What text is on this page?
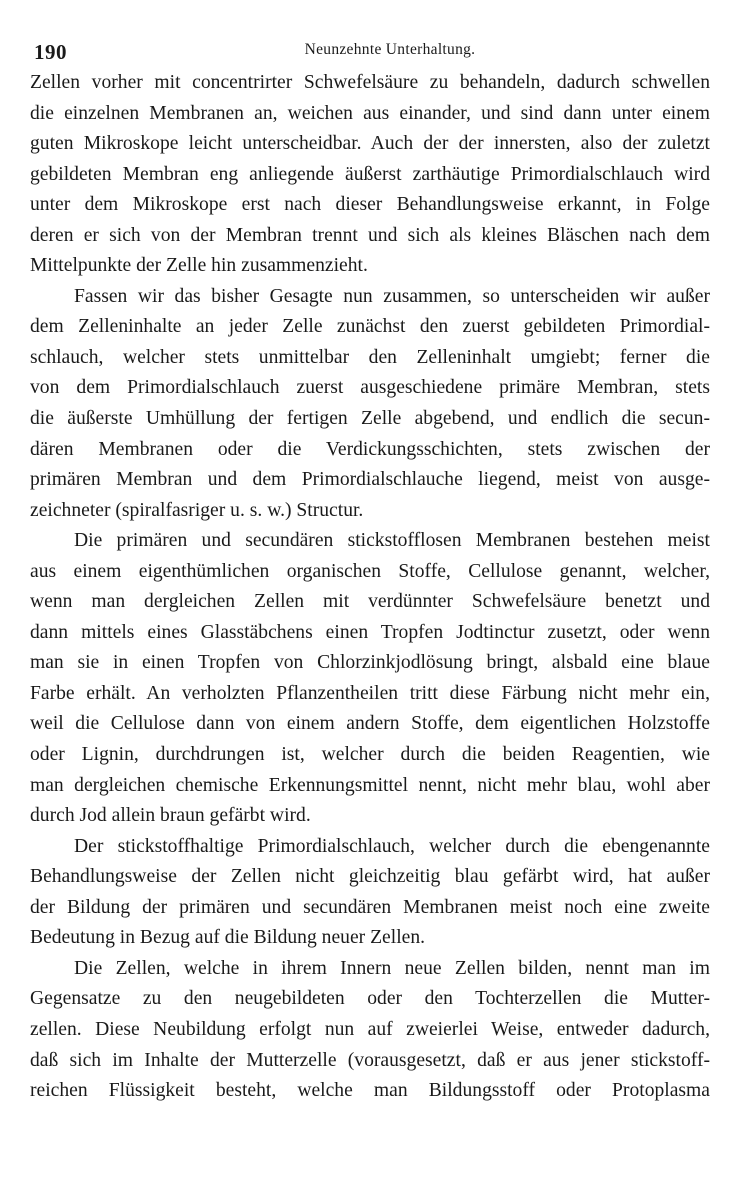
190	Neunzehnte Unterhaltung.
Zellen vorher mit concentrirter Schwefelsäure zu behandeln, dadurch schwellen
die einzelnen Membranen an, weichen aus einander, und sind dann unter einem
guten Mikroskope leicht unterscheidbar. Auch der der innersten, also der zuletzt
gebildeten Membran eng anliegende äußerst zarthäutige Primordialschlauch wird
unter dem Mikroskope erst nach dieser Behandlungsweise erkannt, in Folge
deren er sich von der Membran trennt und sich als kleines Bläschen nach dem
Mittelpunkte der Zelle hin zusammenzieht.
Fassen wir das bisher Gesagte nun zusammen, so unterscheiden wir außer
dem Zelleninhalte an jeder Zelle zunächst den zuerst gebildeten Primordial-
schlauch, welcher stets unmittelbar den Zelleninhalt umgiebt; ferner die
von dem Primordialschlauch zuerst ausgeschiedene primäre Membran, stets
die äußerste Umhüllung der fertigen Zelle abgebend, und endlich die secun-
dären Membranen oder die Verdickungsschichten, stets zwischen der
primären Membran und dem Primordialschlauche liegend, meist von ausge-
zeichneter (spiralfasriger u. s. w.) Structur.
Die primären und secundären stickstofflosen Membranen bestehen meist
aus einem eigenthümlichen organischen Stoffe, Cellulose genannt, welcher,
wenn man dergleichen Zellen mit verdünnter Schwefelsäure benetzt und
dann mittels eines Glasstäbchens einen Tropfen Jodtinctur zusetzt, oder wenn
man sie in einen Tropfen von Chlorzinkjodlösung bringt, alsbald eine blaue
Farbe erhält. An verholzten Pflanzentheilen tritt diese Färbung nicht mehr ein,
weil die Cellulose dann von einem andern Stoffe, dem eigentlichen Holzstoffe
oder Lignin, durchdrungen ist, welcher durch die beiden Reagentien, wie
man dergleichen chemische Erkennungsmittel nennt, nicht mehr blau, wohl aber
durch Jod allein braun gefärbt wird.
Der stickstoffhaltige Primordialschlauch, welcher durch die ebengenannte
Behandlungsweise der Zellen nicht gleichzeitig blau gefärbt wird, hat außer
der Bildung der primären und secundären Membranen meist noch eine zweite
Bedeutung in Bezug auf die Bildung neuer Zellen.
Die Zellen, welche in ihrem Innern neue Zellen bilden, nennt man im
Gegensatze zu den neugebildeten oder den Tochterzellen die Mutter-
zellen. Diese Neubildung erfolgt nun auf zweierlei Weise, entweder dadurch,
daß sich im Inhalte der Mutterzelle (vorausgesetzt, daß er aus jener stickstoff-
reichen Flüssigkeit besteht, welche man Bildungsstoff oder Protoplasma
